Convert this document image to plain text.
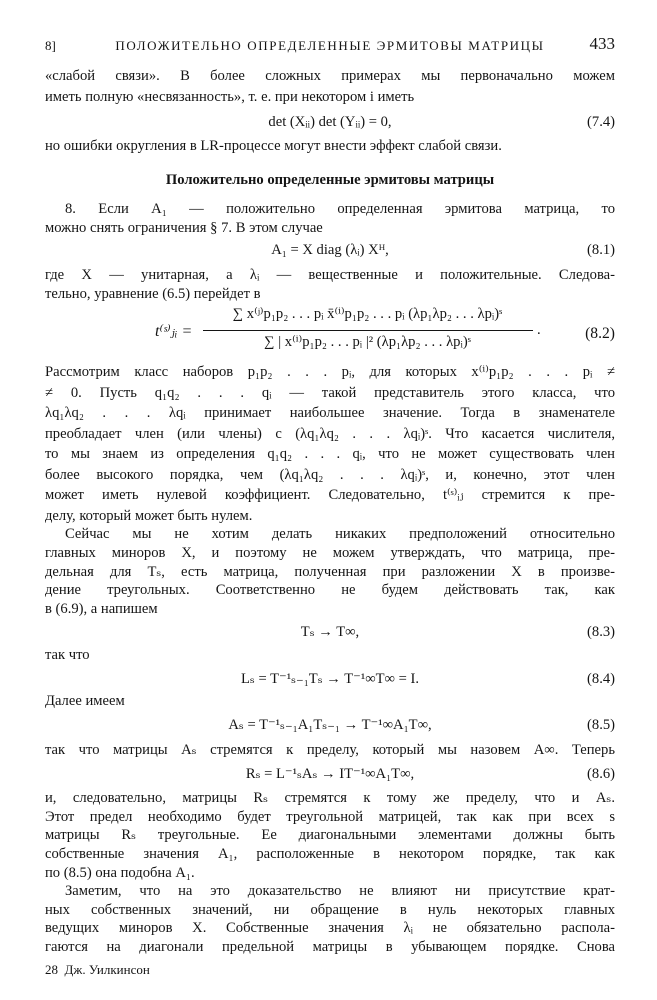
8]	ПОЛОЖИТЕЛЬНО ОПРЕДЕЛЕННЫЕ ЭРМИТОВЫ МАТРИЦЫ	433
«слабой связи». В более сложных примерах мы первоначально можем
иметь полную «несвязанность», т. е. при некотором i иметь
det (Xᵢᵢ) det (Yᵢᵢ) = 0,	(7.4)
но ошибки округления в LR-процессе могут внести эффект слабой связи.
Положительно определенные эрмитовы матрицы
8. Если A₁ — положительно определенная эрмитова матрица, то
можно снять ограничения § 7. В этом случае
A₁ = X diag (λᵢ) Xᴴ,	(8.1)
где X — унитарная, а λᵢ — вещественные и положительные. Следова-
тельно, уравнение (6.5) перейдет в
t⁽ˢ⁾ⱼᵢ =
∑ x⁽ʲ⁾p₁p₂ . . . pᵢ x̄⁽ⁱ⁾p₁p₂ . . . pᵢ (λp₁λp₂ . . . λpᵢ)ˢ
∑ | x⁽ⁱ⁾p₁p₂ . . . pᵢ |² (λp₁λp₂ . . . λpᵢ)ˢ
.	(8.2)
Рассмотрим класс наборов p₁p₂ . . . pᵢ, для которых x⁽ⁱ⁾p₁p₂ . . . pᵢ ≠
≠ 0. Пусть q₁q₂ . . . qᵢ — такой представитель этого класса, что
λq₁λq₂ . . . λqᵢ принимает наибольшее значение. Тогда в знаменателе
преобладает член (или члены) с (λq₁λq₂ . . . λqᵢ)ˢ. Что касается числителя,
то мы знаем из определения q₁q₂ . . . qᵢ, что не может существовать член
более высокого порядка, чем (λq₁λq₂ . . . λqᵢ)ˢ, и, конечно, этот член
может иметь нулевой коэффициент. Следовательно, t⁽ˢ⁾ᵢⱼ стремится к пре-
делу, который может быть нулем.
Сейчас мы не хотим делать никаких предположений относительно
главных миноров X, и поэтому не можем утверждать, что матрица, пре-
дельная для Tₛ, есть матрица, полученная при разложении X в произве-
дение треугольных. Соответственно не будем действовать так, как
в (6.9), а напишем
Tₛ → T∞,	(8.3)
так что
Lₛ = T⁻¹ₛ₋₁Tₛ → T⁻¹∞T∞ = I.	(8.4)
Далее имеем
Aₛ = T⁻¹ₛ₋₁A₁Tₛ₋₁ → T⁻¹∞A₁T∞,	(8.5)
так что матрицы Aₛ стремятся к пределу, который мы назовем A∞. Теперь
Rₛ = L⁻¹ₛAₛ → IT⁻¹∞A₁T∞,	(8.6)
и, следовательно, матрицы Rₛ стремятся к тому же пределу, что и Aₛ.
Этот предел необходимо будет треугольной матрицей, так как при всех s
матрицы Rₛ треугольные. Ее диагональными элементами должны быть
собственные значения A₁, расположенные в некотором порядке, так как
по (8.5) она подобна A₁.
Заметим, что на это доказательство не влияют ни присутствие крат-
ных собственных значений, ни обращение в нуль некоторых главных
ведущих миноров X. Собственные значения λᵢ не обязательно распола-
гаются на диагонали предельной матрицы в убывающем порядке. Снова
28 Дж. Уилкинсон
